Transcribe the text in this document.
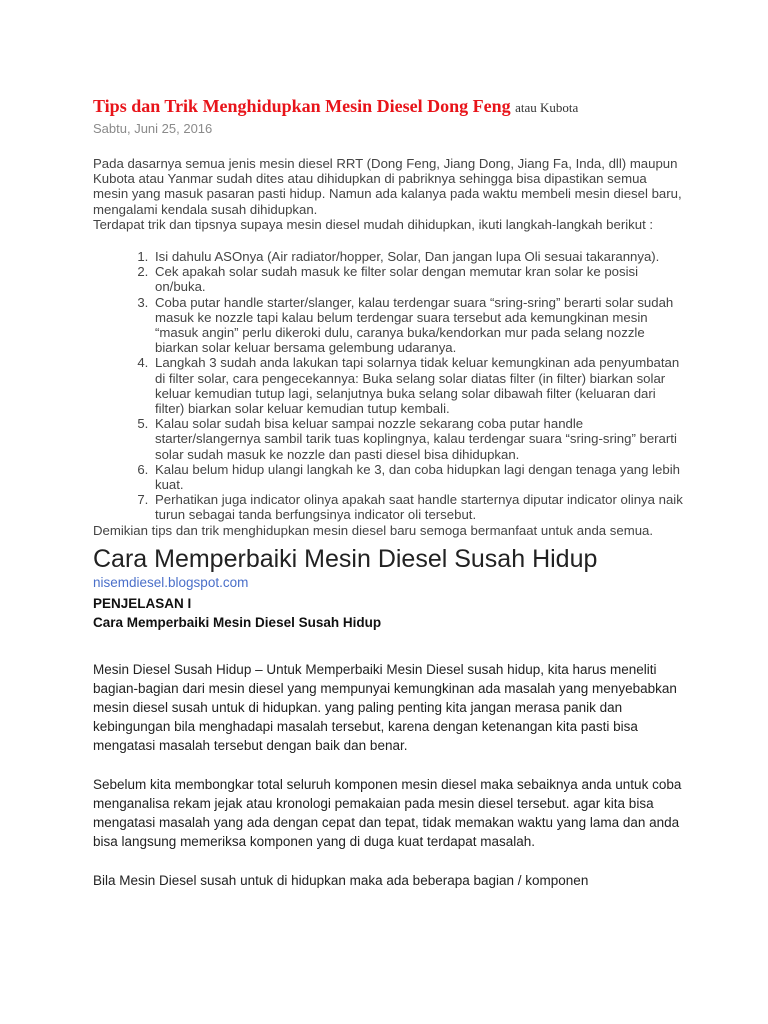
Tips dan Trik Menghidupkan Mesin Diesel Dong Feng atau Kubota

Sabtu, Juni 25, 2016

Pada dasarnya semua jenis mesin diesel RRT (Dong Feng, Jiang Dong, Jiang Fa, Inda, dll) maupun Kubota atau Yanmar sudah dites atau dihidupkan di pabriknya sehingga bisa dipastikan semua mesin yang masuk pasaran pasti hidup. Namun ada kalanya pada waktu membeli mesin diesel baru, mengalami kendala susah dihidupkan.

Terdapat trik dan tipsnya supaya mesin diesel mudah dihidupkan, ikuti langkah-langkah berikut :

1. Isi dahulu ASOnya (Air radiator/hopper, Solar, Dan jangan lupa Oli sesuai takarannya).
2. Cek apakah solar sudah masuk ke filter solar dengan memutar kran solar ke posisi on/buka.
3. Coba putar handle starter/slanger, kalau terdengar suara “sring-sring” berarti solar sudah masuk ke nozzle tapi kalau belum terdengar suara tersebut ada kemungkinan mesin “masuk angin” perlu dikeroki dulu, caranya buka/kendorkan mur pada selang nozzle biarkan solar keluar bersama gelembung udaranya.
4. Langkah 3 sudah anda lakukan tapi solarnya tidak keluar kemungkinan ada penyumbatan di filter solar, cara pengecekannya: Buka selang solar diatas filter (in filter) biarkan solar keluar kemudian tutup lagi, selanjutnya buka selang solar dibawah filter (keluaran dari filter) biarkan solar keluar kemudian tutup kembali.
5. Kalau solar sudah bisa keluar sampai nozzle sekarang coba putar handle starter/slangernya sambil tarik tuas koplingnya, kalau terdengar suara “sring-sring” berarti solar sudah masuk ke nozzle dan pasti diesel bisa dihidupkan.
6. Kalau belum hidup ulangi langkah ke 3, dan coba hidupkan lagi dengan tenaga yang lebih kuat.
7. Perhatikan juga indicator olinya apakah saat handle starternya diputar indicator olinya naik turun sebagai tanda berfungsinya indicator oli tersebut.

Demikian tips dan trik menghidupkan mesin diesel baru semoga bermanfaat untuk anda semua.

Cara Memperbaiki Mesin Diesel Susah Hidup
nisemdiesel.blogspot.com

PENJELASAN I

Cara Memperbaiki Mesin Diesel Susah Hidup

Mesin Diesel Susah Hidup – Untuk Memperbaiki Mesin Diesel susah hidup, kita harus meneliti bagian-bagian dari mesin diesel yang mempunyai kemungkinan ada masalah yang menyebabkan mesin diesel susah untuk di hidupkan. yang paling penting kita jangan merasa panik dan kebingungan bila menghadapi masalah tersebut, karena dengan ketenangan kita pasti bisa mengatasi masalah tersebut dengan baik dan benar.

Sebelum kita membongkar total seluruh komponen mesin diesel maka sebaiknya anda untuk coba menganalisa rekam jejak atau kronologi pemakaian pada mesin diesel tersebut. agar kita bisa mengatasi masalah yang ada dengan cepat dan tepat, tidak memakan waktu yang lama dan anda bisa langsung memeriksa komponen yang di duga kuat terdapat masalah.

Bila Mesin Diesel susah untuk di hidupkan maka ada beberapa bagian / komponen
